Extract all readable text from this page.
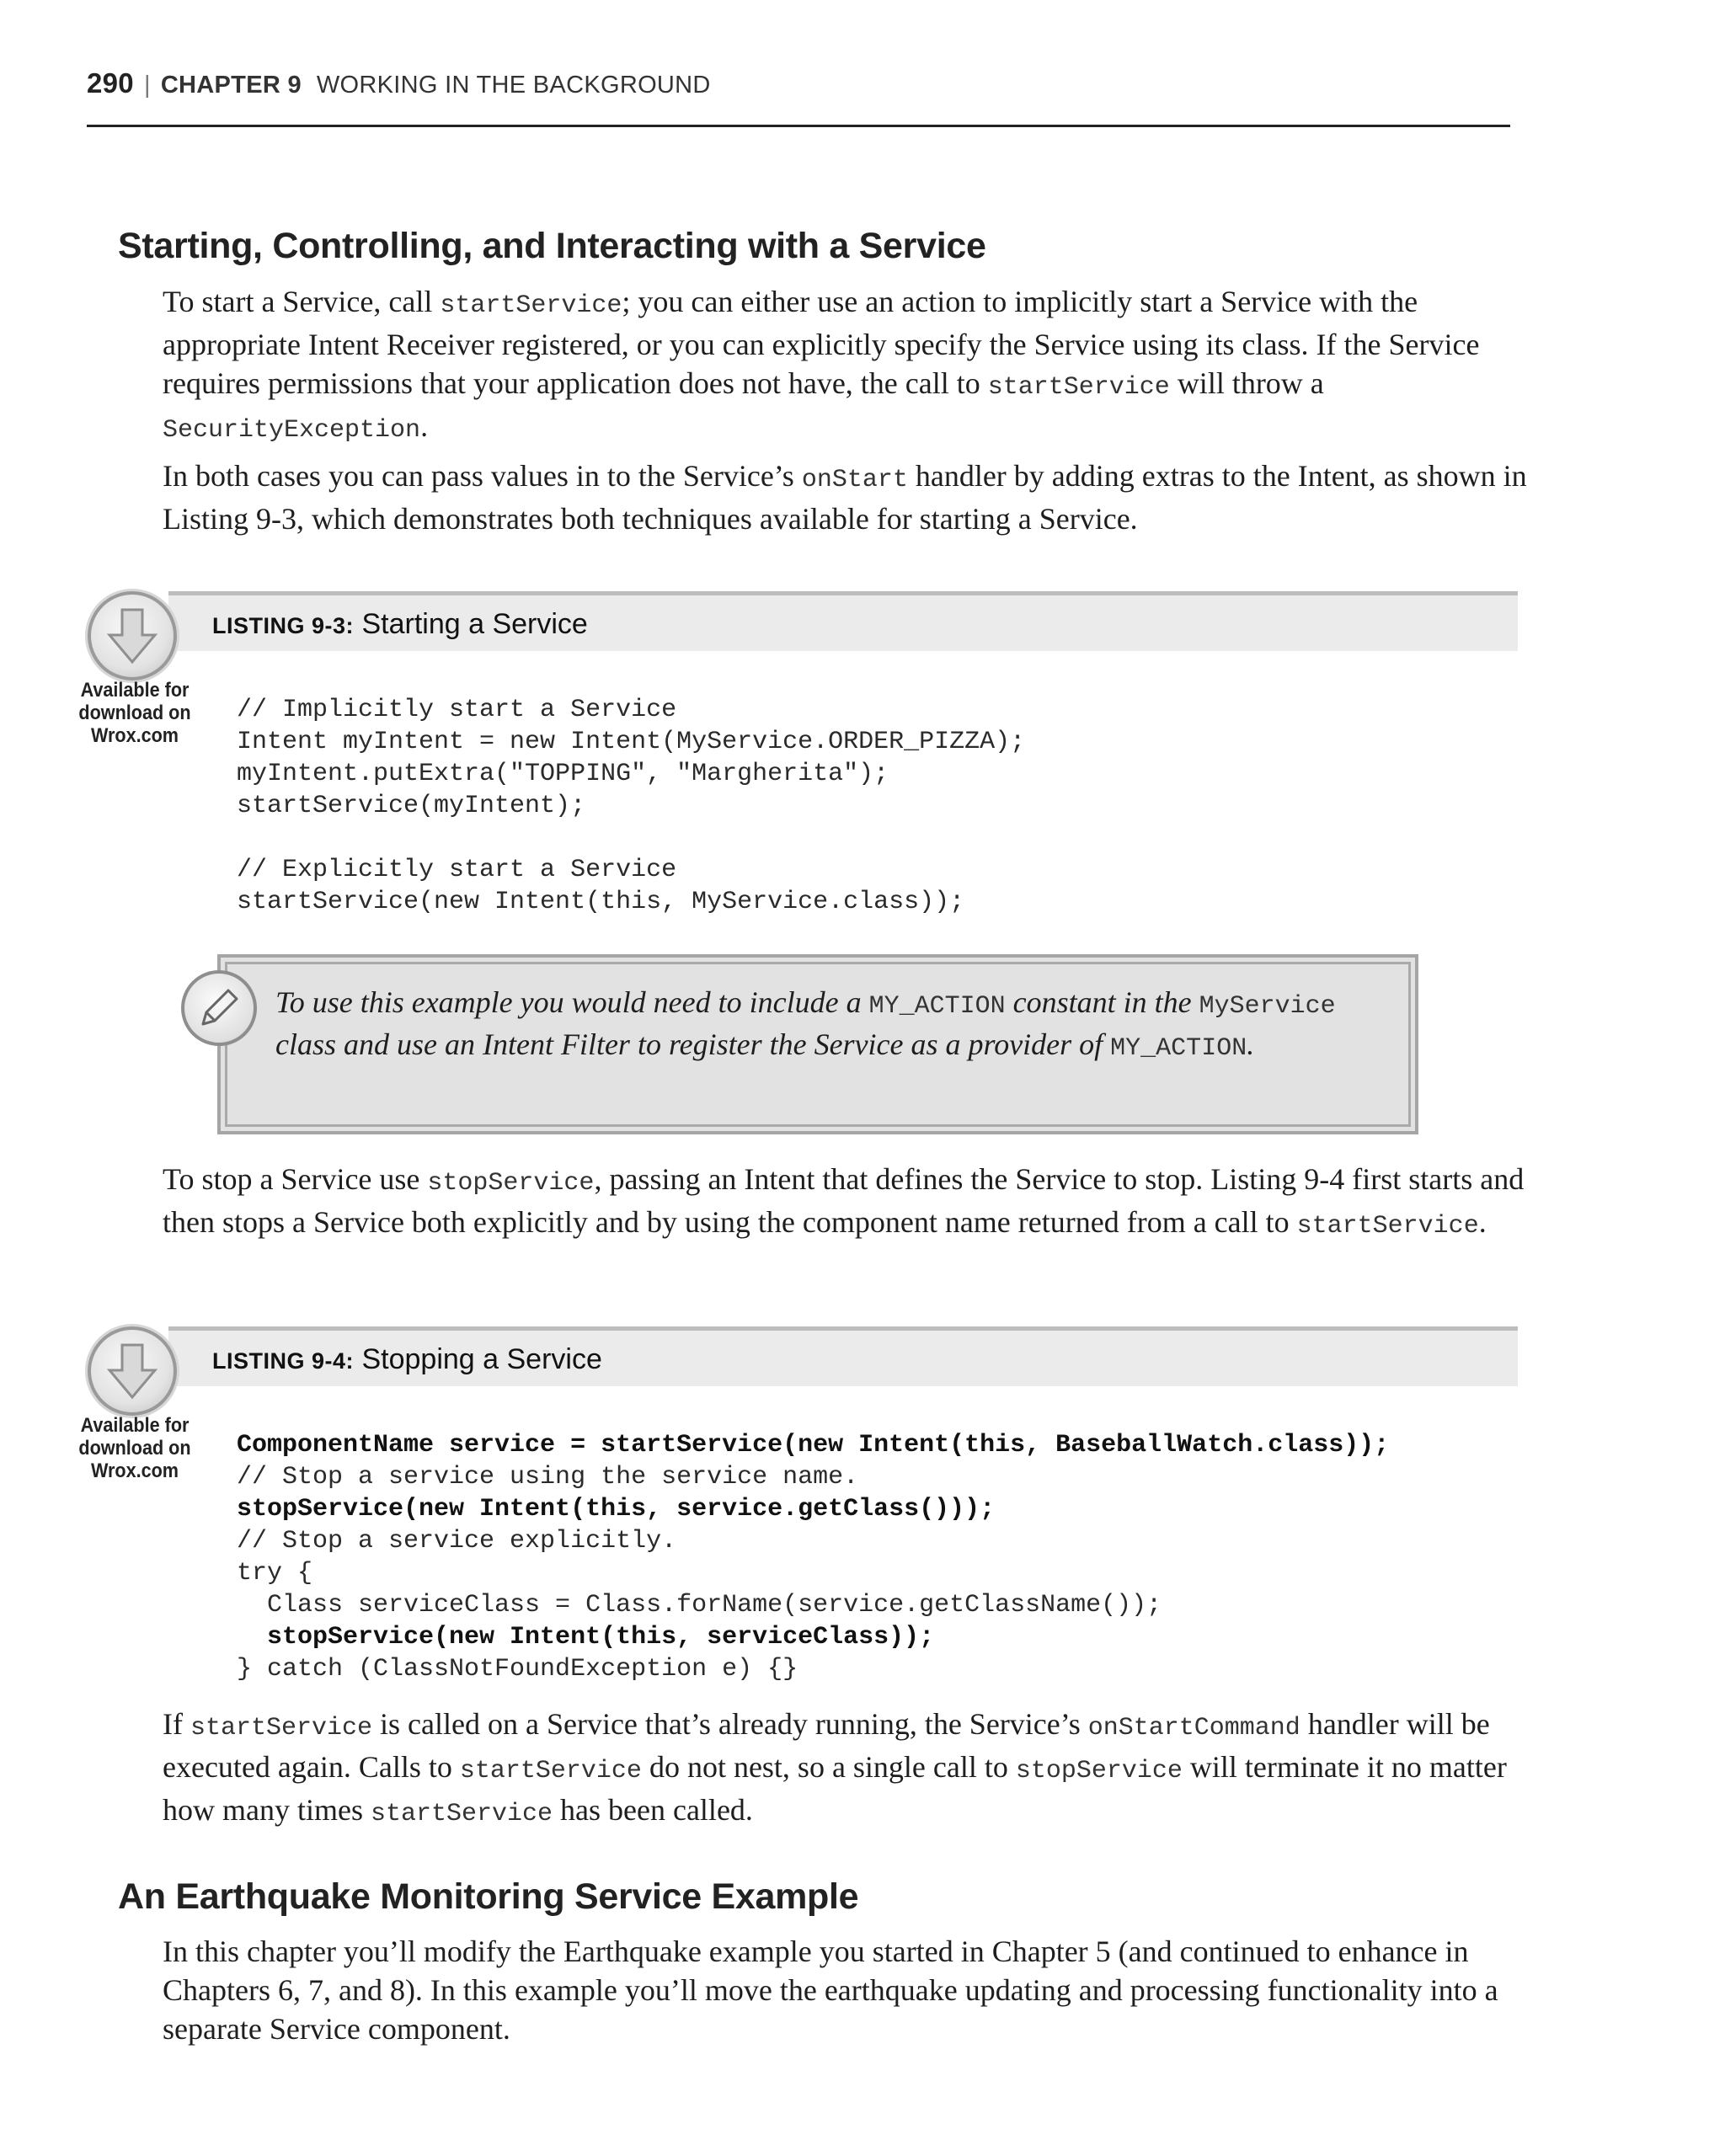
290 | CHAPTER 9 WORKING IN THE BACKGROUND
Starting, Controlling, and Interacting with a Service

To start a Service, call startService; you can either use an action to implicitly start a Service with the appropriate Intent Receiver registered, or you can explicitly specify the Service using its class. If the Service requires permissions that your application does not have, the call to startService will throw a SecurityException.

In both cases you can pass values in to the Service’s onStart handler by adding extras to the Intent, as shown in Listing 9-3, which demonstrates both techniques available for starting a Service.

LISTING 9-3: Starting a Service
Available for download on Wrox.com
// Implicitly start a Service
Intent myIntent = new Intent(MyService.ORDER_PIZZA);
myIntent.putExtra("TOPPING", "Margherita");
startService(myIntent);
// Explicitly start a Service
startService(new Intent(this, MyService.class));

To use this example you would need to include a MY_ACTION constant in the MyService class and use an Intent Filter to register the Service as a provider of MY_ACTION.

To stop a Service use stopService, passing an Intent that defines the Service to stop. Listing 9-4 first starts and then stops a Service both explicitly and by using the component name returned from a call to startService.

LISTING 9-4: Stopping a Service
Available for download on Wrox.com
ComponentName service = startService(new Intent(this, BaseballWatch.class));
// Stop a service using the service name.
stopService(new Intent(this, service.getClass()));
// Stop a service explicitly.
try {
Class serviceClass = Class.forName(service.getClassName());
stopService(new Intent(this, serviceClass));
} catch (ClassNotFoundException e) {}

If startService is called on a Service that’s already running, the Service’s onStartCommand handler will be executed again. Calls to startService do not nest, so a single call to stopService will terminate it no matter how many times startService has been called.

An Earthquake Monitoring Service Example

In this chapter you’ll modify the Earthquake example you started in Chapter 5 (and continued to enhance in Chapters 6, 7, and 8). In this example you’ll move the earthquake updating and processing functionality into a separate Service component.
